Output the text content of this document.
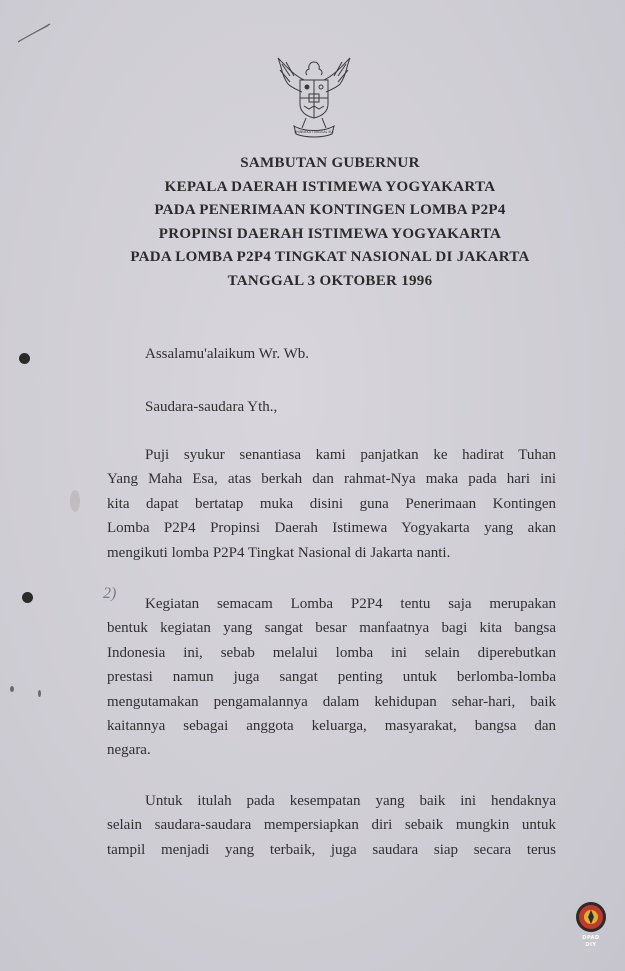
BHINNEKA TUNGGAL IKA
SAMBUTAN GUBERNUR
KEPALA DAERAH ISTIMEWA YOGYAKARTA
PADA PENERIMAAN KONTINGEN LOMBA P2P4
PROPINSI DAERAH ISTIMEWA YOGYAKARTA
PADA LOMBA P2P4 TINGKAT NASIONAL DI JAKARTA
TANGGAL 3 OKTOBER 1996
Assalamu'alaikum Wr. Wb.
Saudara-saudara Yth.,
Puji syukur senantiasa kami panjatkan ke hadirat Tuhan
Yang Maha Esa, atas berkah dan rahmat-Nya maka pada hari ini
kita dapat bertatap muka disini guna Penerimaan Kontingen
Lomba P2P4 Propinsi Daerah Istimewa Yogyakarta yang akan
mengikuti lomba P2P4 Tingkat Nasional di Jakarta nanti.
2)
Kegiatan semacam Lomba P2P4 tentu saja merupakan
bentuk kegiatan yang sangat besar manfaatnya bagi kita bangsa
Indonesia ini, sebab melalui lomba ini selain diperebutkan
prestasi namun juga sangat penting untuk berlomba-lomba
mengutamakan pengamalannya dalam kehidupan sehar-hari, baik
kaitannya sebagai anggota keluarga, masyarakat, bangsa dan
negara.
Untuk itulah pada kesempatan yang baik ini hendaknya
selain saudara-saudara mempersiapkan diri sebaik mungkin untuk
tampil menjadi yang terbaik, juga saudara siap secara terus
DPAD
DIY
